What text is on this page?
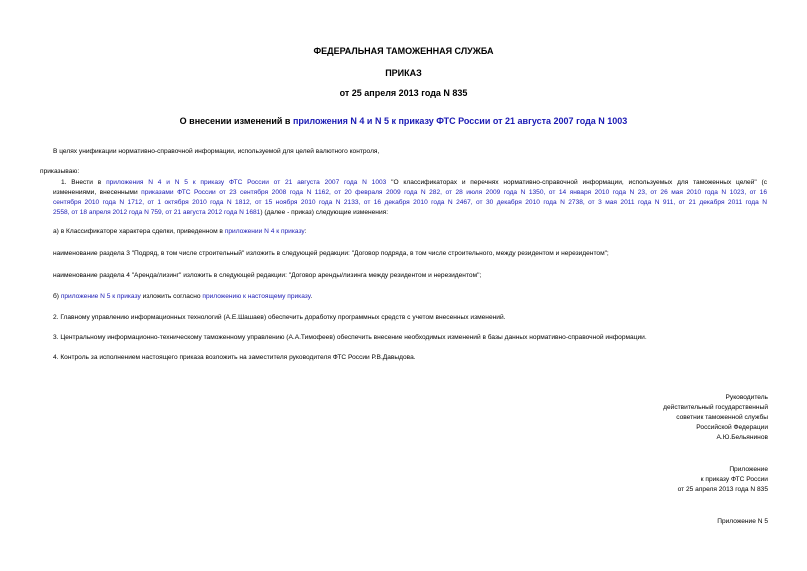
ФЕДЕРАЛЬНАЯ ТАМОЖЕННАЯ СЛУЖБА
ПРИКАЗ
от 25 апреля 2013 года N 835
О внесении изменений в приложения N 4 и N 5 к приказу ФТС России от 21 августа 2007 года N 1003
В целях унификации нормативно-справочной информации, используемой для целей валютного контроля,
приказываю:
1. Внести в приложения N 4 и N 5 к приказу ФТС России от 21 августа 2007 года N 1003 "О классификаторах и перечнях нормативно-справочной информации, используемых для таможенных целей" (с
изменениями, внесенными приказами ФТС России от 23 сентября 2008 года N 1162, от 20 февраля 2009 года N 282, от 28 июля 2009 года N 1350, от 14 января 2010 года N 23, от 26 мая 2010 года N 1023, от 16
сентября 2010 года N 1712, от 1 октября 2010 года N 1812, от 15 ноября 2010 года N 2133, от 16 декабря 2010 года N 2467, от 30 декабря 2010 года N 2738, от 3 мая 2011 года N 911, от 21 декабря 2011 года N
2558, от 18 апреля 2012 года N 759, от 21 августа 2012 года N 1681) (далее - приказ) следующие изменения:
а) в Классификаторе характера сделки, приведенном в приложении N 4 к приказу:
наименование раздела 3 "Подряд, в том числе строительный" изложить в следующей редакции: "Договор подряда, в том числе строительного, между резидентом и нерезидентом";
наименование раздела 4 "Аренда/лизинг" изложить в следующей редакции: "Договор аренды/лизинга между резидентом и нерезидентом";
б) приложение N 5 к приказу изложить согласно приложению к настоящему приказу.
2. Главному управлению информационных технологий (А.Е.Шашаев) обеспечить доработку программных средств с учетом внесенных изменений.
3. Центральному информационно-техническому таможенному управлению (А.А.Тимофеев) обеспечить внесение необходимых изменений в базы данных нормативно-справочной информации.
4. Контроль за исполнением настоящего приказа возложить на заместителя руководителя ФТС России Р.В.Давыдова.
Руководитель
действительный государственный
советник таможенной службы
Российской Федерации
А.Ю.Бельянинов
Приложение
к приказу ФТС России
от 25 апреля 2013 года N 835
Приложение N 5
